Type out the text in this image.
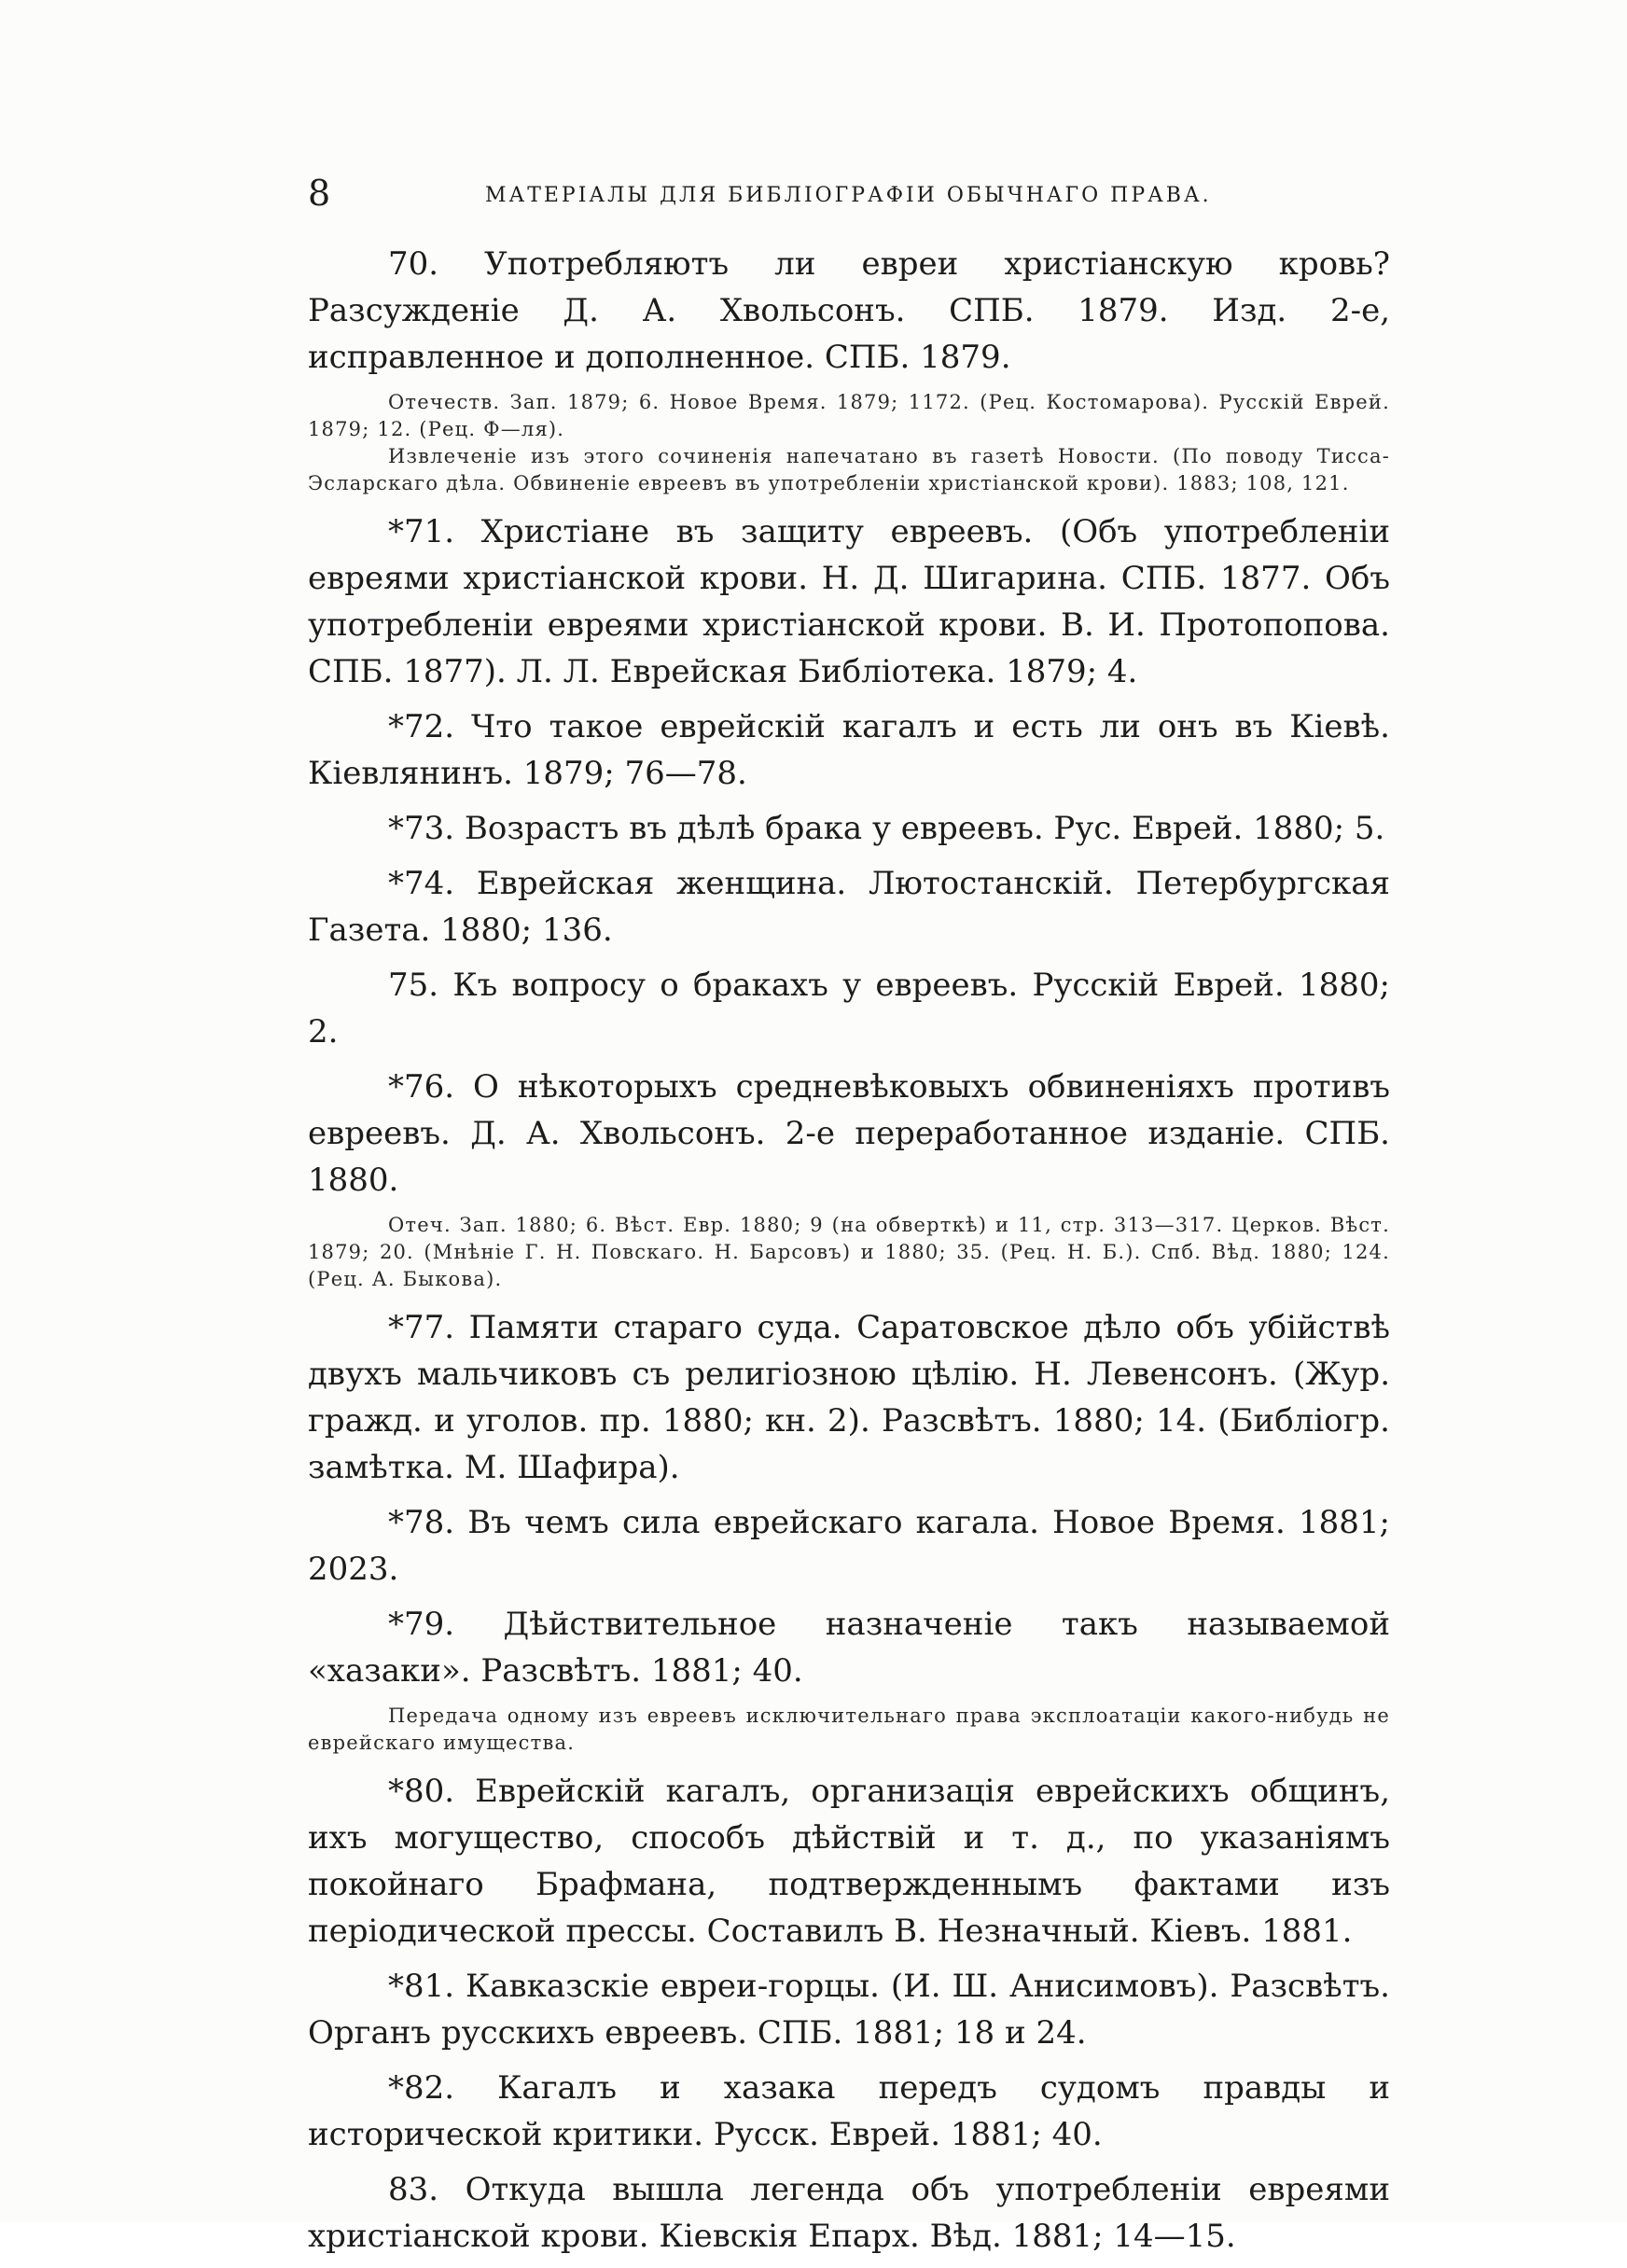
8	МАТЕРІАЛЫ ДЛЯ БИБЛІОГРАФІИ ОБЫЧНАГО ПРАВА.

70. Употребляютъ ли евреи христіанскую кровь? Разсужденіе Д. А. Хвольсонъ. СПБ. 1879. Изд. 2-е, исправленное и дополненное. СПБ. 1879.

Отечеств. Зап. 1879; 6. Новое Время. 1879; 1172. (Рец. Костомарова). Русскій Еврей. 1879; 12. (Рец. Ф—ля).

Извлеченіе изъ этого сочиненія напечатано въ газетѣ Новости. (По поводу Тисса-Эсларскаго дѣла. Обвиненіе евреевъ въ употребленіи христіанской крови). 1883; 108, 121.

*71. Христiане въ защиту евреевъ. (Объ употребленiи евреями христiанской крови. Н. Д. Шигарина. СПБ. 1877. Объ употребленiи евреями христiанской крови. В. И. Протопопова. СПБ. 1877). Л. Л. Еврейская Библiотека. 1879; 4.

*72. Что такое еврейскiй кагалъ и есть ли онъ въ Кiевѣ. Кiевлянинъ. 1879; 76—78.

*73. Возрастъ въ дѣлѣ брака у евреевъ. Рус. Еврей. 1880; 5.

*74. Еврейская женщина. Лютостанскiй. Петербургская Газета. 1880; 136.

75. Къ вопросу о бракахъ у евреевъ. Русскiй Еврей. 1880; 2.

*76. О нѣкоторыхъ средневѣковыхъ обвиненiяхъ противъ евреевъ. Д. А. Хвольсонъ. 2-е переработанное изданiе. СПБ. 1880.

Отеч. Зап. 1880; 6. Вѣст. Евр. 1880; 9 (на обверткѣ) и 11, стр. 313—317. Церков. Вѣст. 1879; 20. (Мнѣнiе Г. Н. Повскаго. Н. Барсовъ) и 1880; 35. (Рец. Н. Б.). Спб. Вѣд. 1880; 124. (Рец. А. Быкова).

*77. Памяти стараго суда. Саратовское дѣло объ убiйствѣ двухъ мальчиковъ съ религiозною цѣлiю. Н. Левенсонъ. (Жур. гражд. и уголов. пр. 1880; кн. 2). Разсвѣтъ. 1880; 14. (Библiогр. замѣтка. М. Шафира).

*78. Въ чемъ сила еврейскаго кагала. Новое Время. 1881; 2023.

*79. Дѣйствительное назначенiе такъ называемой «хазаки». Разсвѣтъ. 1881; 40.

Передача одному изъ евреевъ исключительнаго права эксплоатацiи какого-нибудь не еврейскаго имущества.

*80. Еврейскiй кагалъ, организацiя еврейскихъ общинъ, ихъ могущество, способъ дѣйствiй и т. д., по указанiямъ покойнаго Брафмана, подтвержденнымъ фактами изъ перiодической прессы. Составилъ В. Незначный. Кiевъ. 1881.

*81. Кавказскiе евреи-горцы. (И. Ш. Анисимовъ). Разсвѣтъ. Органъ русскихъ евреевъ. СПБ. 1881; 18 и 24.

*82. Кагалъ и хазака передъ судомъ правды и исторической критики. Русск. Еврей. 1881; 40.

83. Откуда вышла легенда объ употребленiи евреями христiанской крови. Кiевскiя Епарх. Вѣд. 1881; 14—15.
